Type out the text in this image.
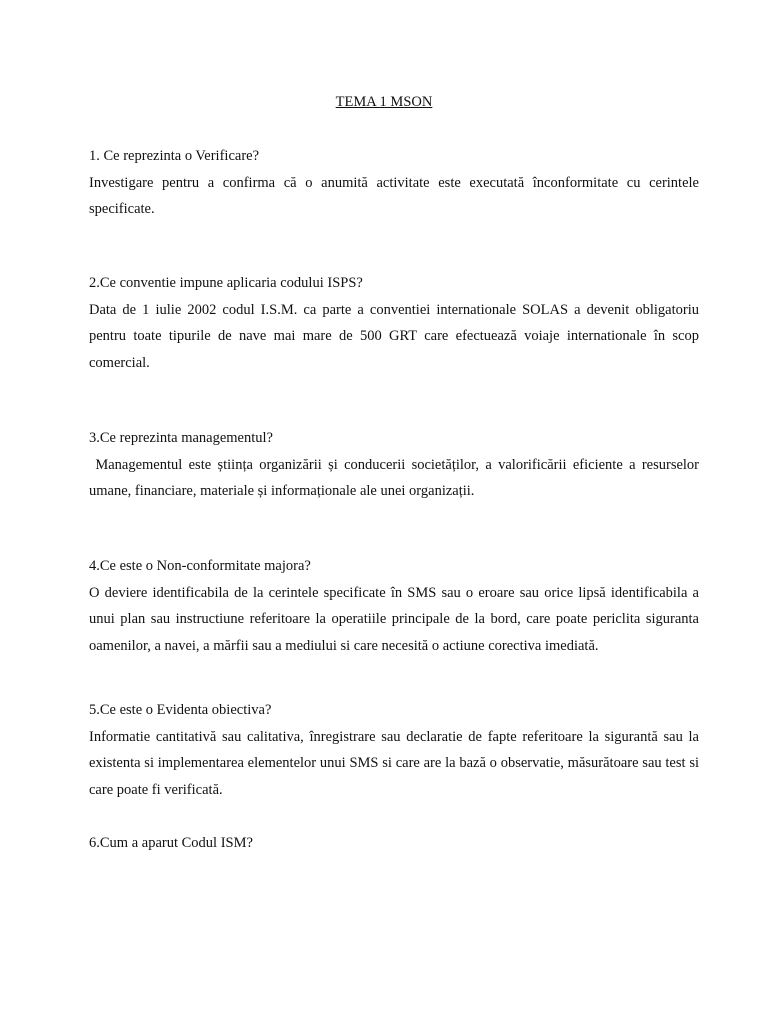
TEMA 1 MSON

1. Ce reprezinta o Verificare?

Investigare pentru a confirma că o anumită activitate este executată înconformitate cu cerintele specificate.

2.Ce conventie impune aplicaria codului ISPS?

Data de 1 iulie 2002 codul I.S.M. ca parte a conventiei internationale SOLAS a devenit obligatoriu pentru toate tipurile de nave mai mare de 500 GRT care efectuează voiaje internationale în scop comercial.

3.Ce reprezinta managementul?

Managementul este știința organizării și conducerii societăților, a valorificării eficiente a resurselor umane, financiare, materiale și informaționale ale unei organizații.

4.Ce este o Non-conformitate majora?

O deviere identificabila de la cerintele specificate în SMS sau o eroare sau orice lipsă identificabila a unui plan sau instructiune referitoare la operatiile principale de la bord, care poate periclita siguranta oamenilor, a navei, a mărfii sau a mediului si care necesită o actiune corectiva imediată.

5.Ce este o Evidenta obiectiva?

Informatie cantitativă sau calitativa, înregistrare sau declaratie de fapte referitoare la sigurantă sau la existenta si implementarea elementelor unui SMS si care are la bază o observatie, măsurătoare sau test si care poate fi verificată.

6.Cum a aparut Codul ISM?
